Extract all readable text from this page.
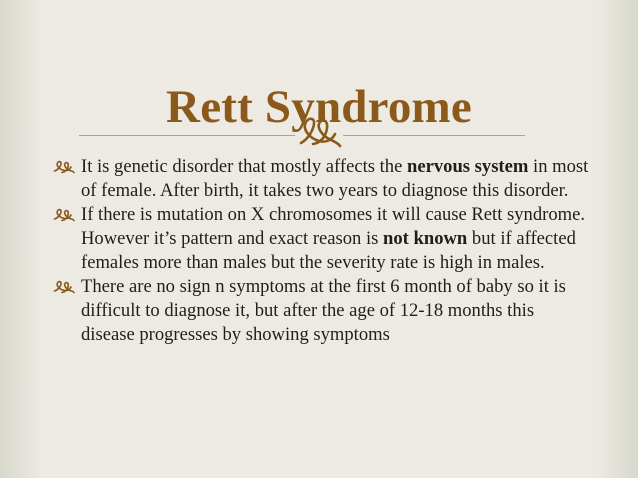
Rett Syndrome
It is genetic disorder that mostly affects the nervous system in most of female. After birth, it takes two years to diagnose this disorder.
If there is mutation on X chromosomes it will cause Rett syndrome. However it’s pattern and exact reason is not known but if affected females more than males but the severity rate is high in males.
There are no sign n symptoms at the first 6 month of baby so it is difficult to diagnose it, but after the age of 12-18 months this disease progresses by showing symptoms
